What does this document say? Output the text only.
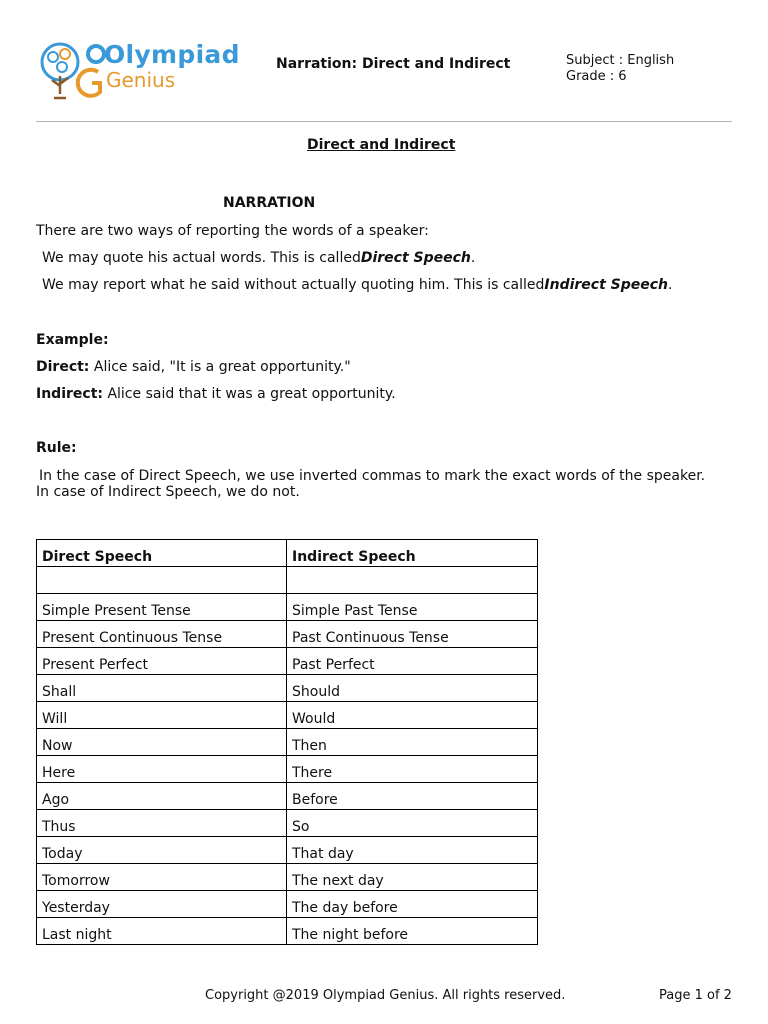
Olympiad
Genius
Narration: Direct and Indirect	Subject : English
Grade : 6
Direct and Indirect
NARRATION
There are two ways of reporting the words of a speaker:
We may quote his actual words. This is calledDirect Speech.
We may report what he said without actually quoting him. This is calledIndirect Speech.
Example:
Direct: Alice said, "It is a great opportunity."
Indirect: Alice said that it was a great opportunity.
Rule:
In the case of Direct Speech, we use inverted commas to mark the exact words of the speaker.
In case of Indirect Speech, we do not.
Direct Speech	Indirect Speech

Simple Present Tense	Simple Past Tense
Present Continuous Tense	Past Continuous Tense
Present Perfect	Past Perfect
Shall	Should
Will	Would
Now	Then
Here	There
Ago	Before
Thus	So
Today	That day
Tomorrow	The next day
Yesterday	The day before
Last night	The night before
Copyright @2019 Olympiad Genius. All rights reserved.	Page 1 of 2
